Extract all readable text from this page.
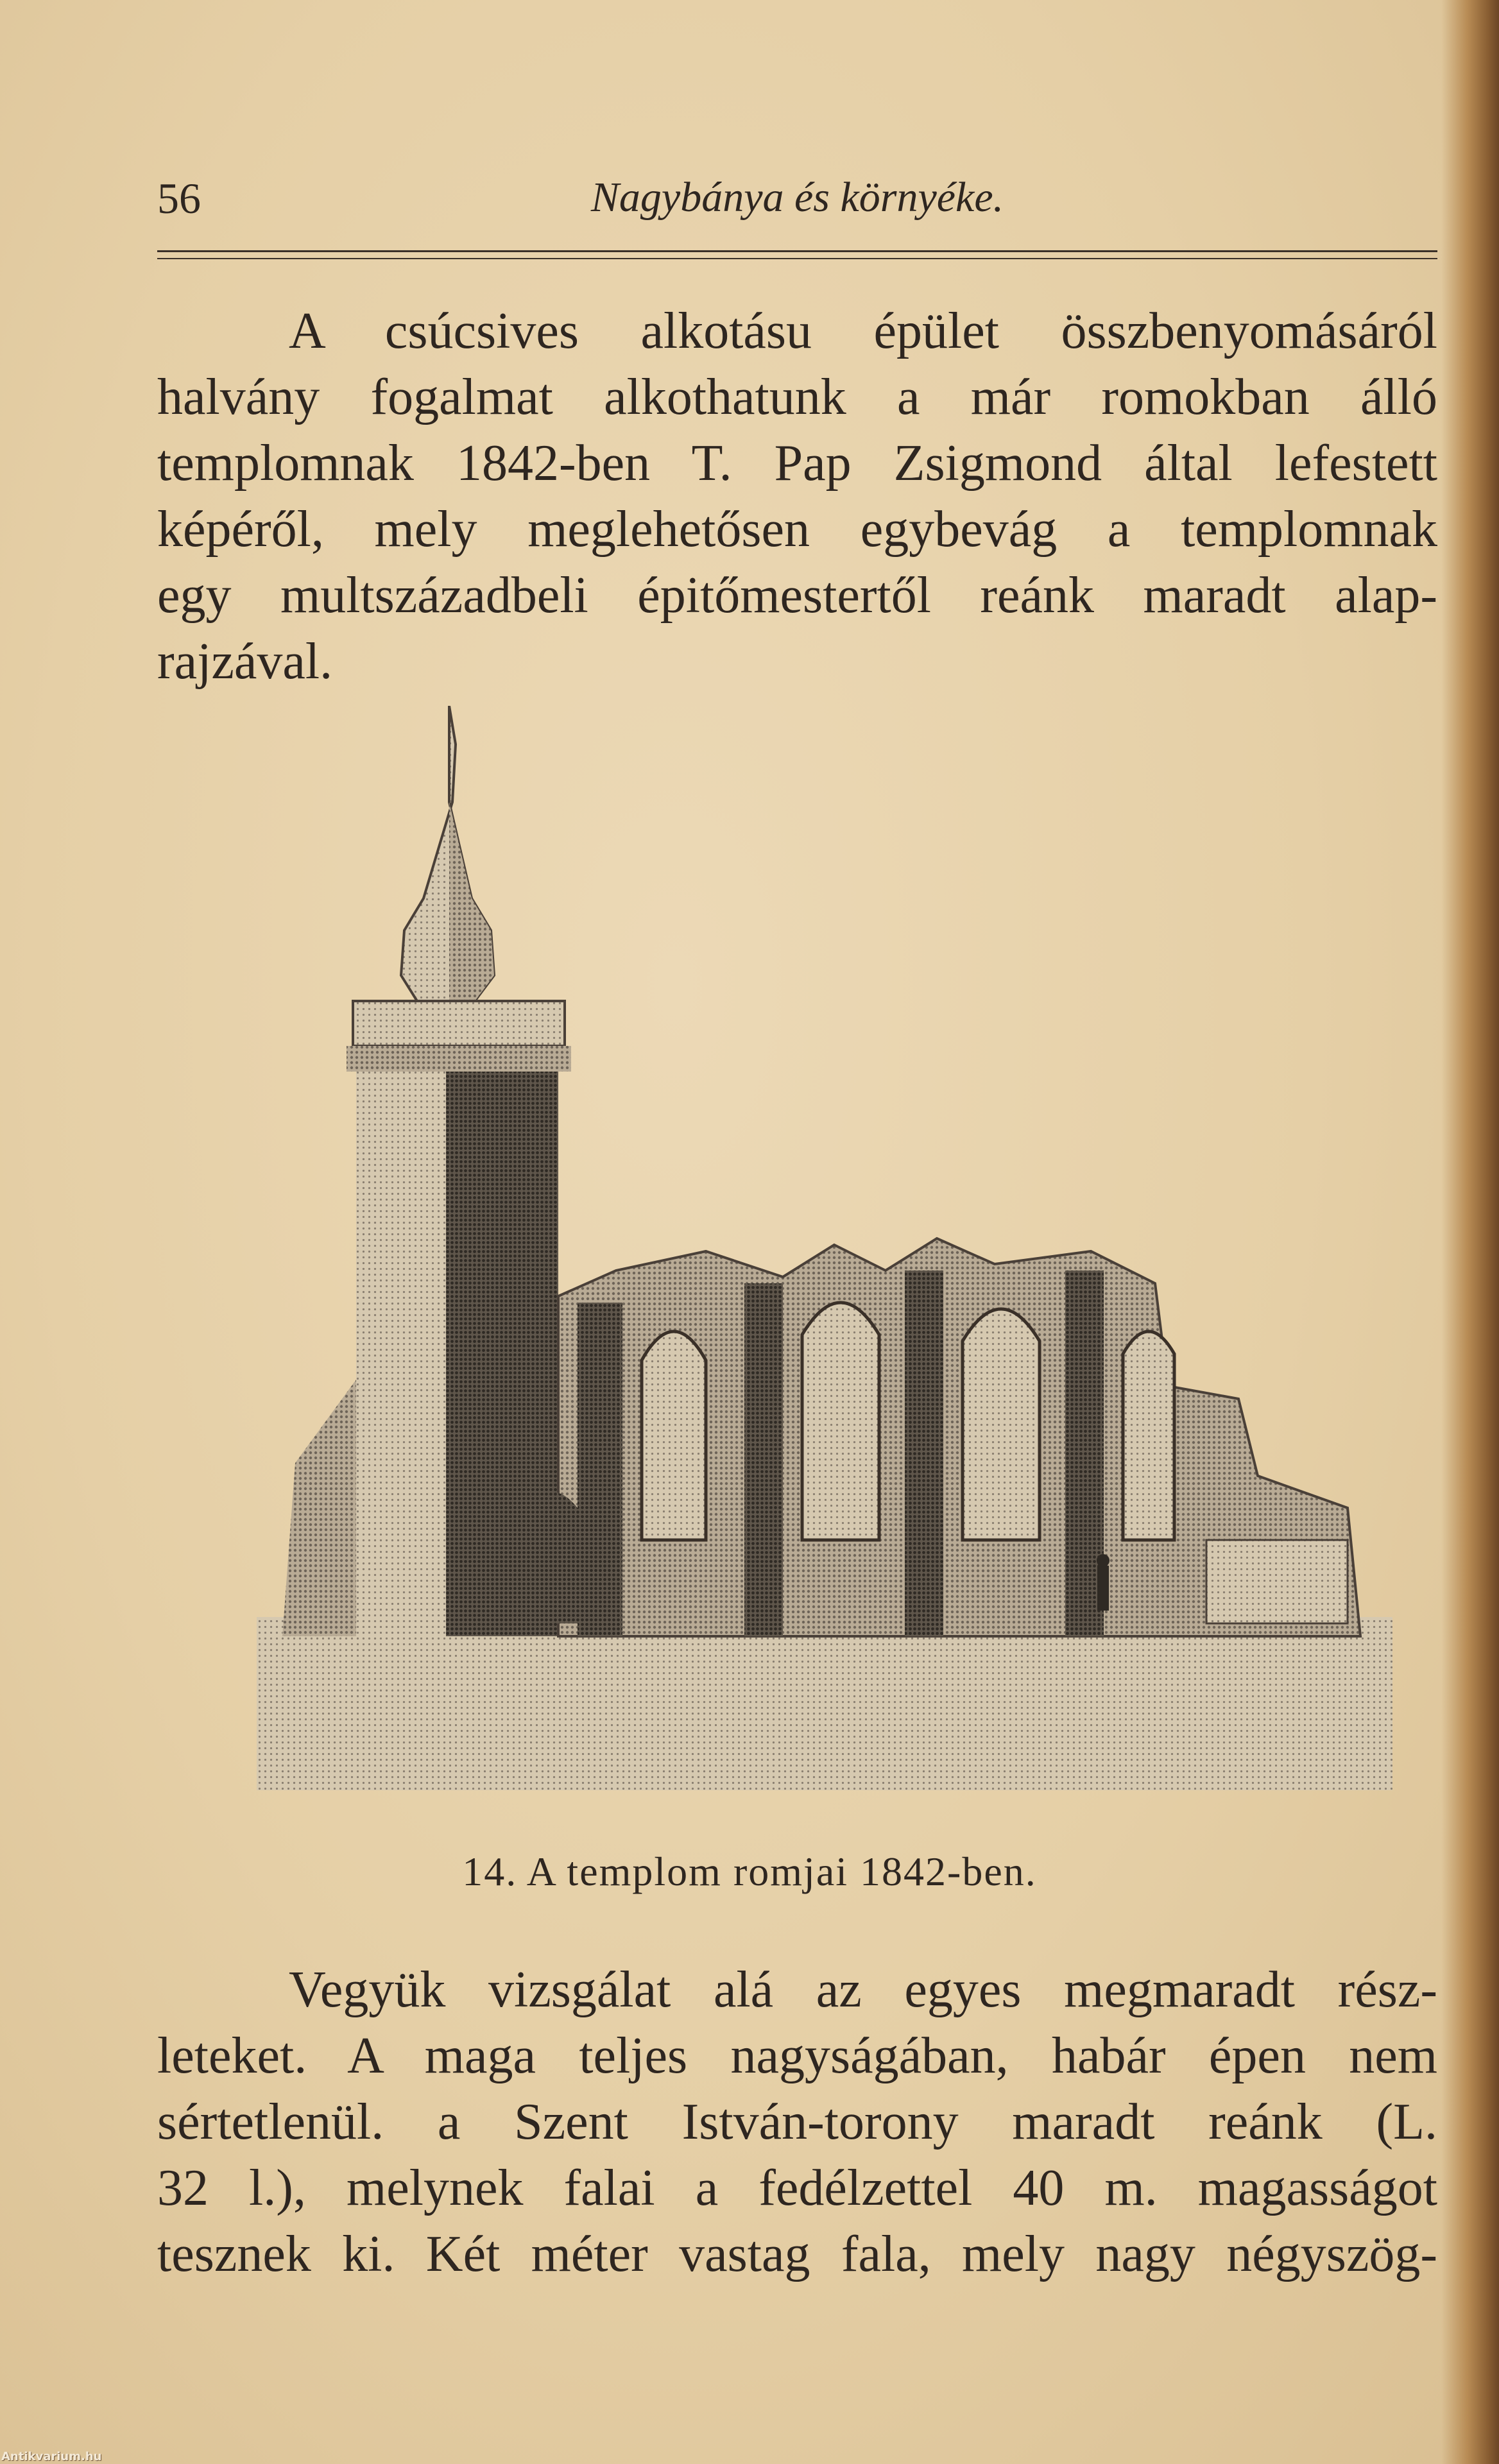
56	Nagybánya és környéke.
A csúcsives alkotásu épület összbenyomásáról
halvány fogalmat alkothatunk a már romokban álló
templomnak 1842-ben T. Pap Zsigmond által lefestett
képéről, mely meglehetősen egybevág a templomnak
egy multszázadbeli épitőmestertől reánk maradt alap-
rajzával.
14. A templom romjai 1842-ben.
Vegyük vizsgálat alá az egyes megmaradt rész-
leteket. A maga teljes nagyságában, habár épen nem
sértetlenül. a Szent István-torony maradt reánk (L.
32 l.), melynek falai a fedélzettel 40 m. magasságot
tesznek ki. Két méter vastag fala, mely nagy négyszög-
Antikvarium.hu
